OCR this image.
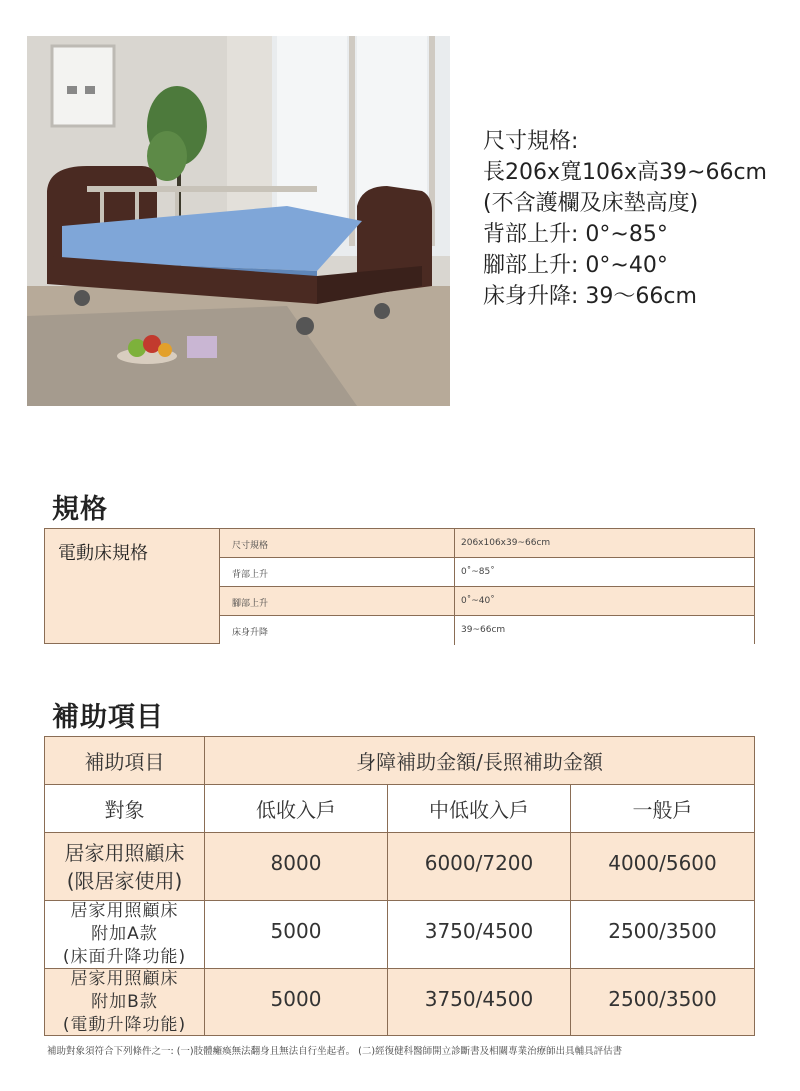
尺寸規格:
長206x寬106x高39~66cm
(不含護欄及床墊高度)
背部上升: 0°~85°
腳部上升: 0°~40°
床身升降: 39～66cm
規格
電動床規格	尺寸規格	206x106x39~66cm
背部上升	0˚~85˚
腳部上升	0˚~40˚
床身升降	39~66cm
補助項目
補助項目	身障補助金額/長照補助金額
對象	低收入戶	中低收入戶	一般戶
居家用照顧床
(限居家使用)
8000	6000/7200	4000/5600
居家用照顧床
附加A款
(床面升降功能)
5000	3750/4500	2500/3500
居家用照顧床
附加B款
(電動升降功能)
5000	3750/4500	2500/3500
補助對象須符合下列條件之一: (一)肢體癱瘓無法翻身且無法自行坐起者。 (二)經復健科醫師開立診斷書及相關專業治療師出具輔具評估書
